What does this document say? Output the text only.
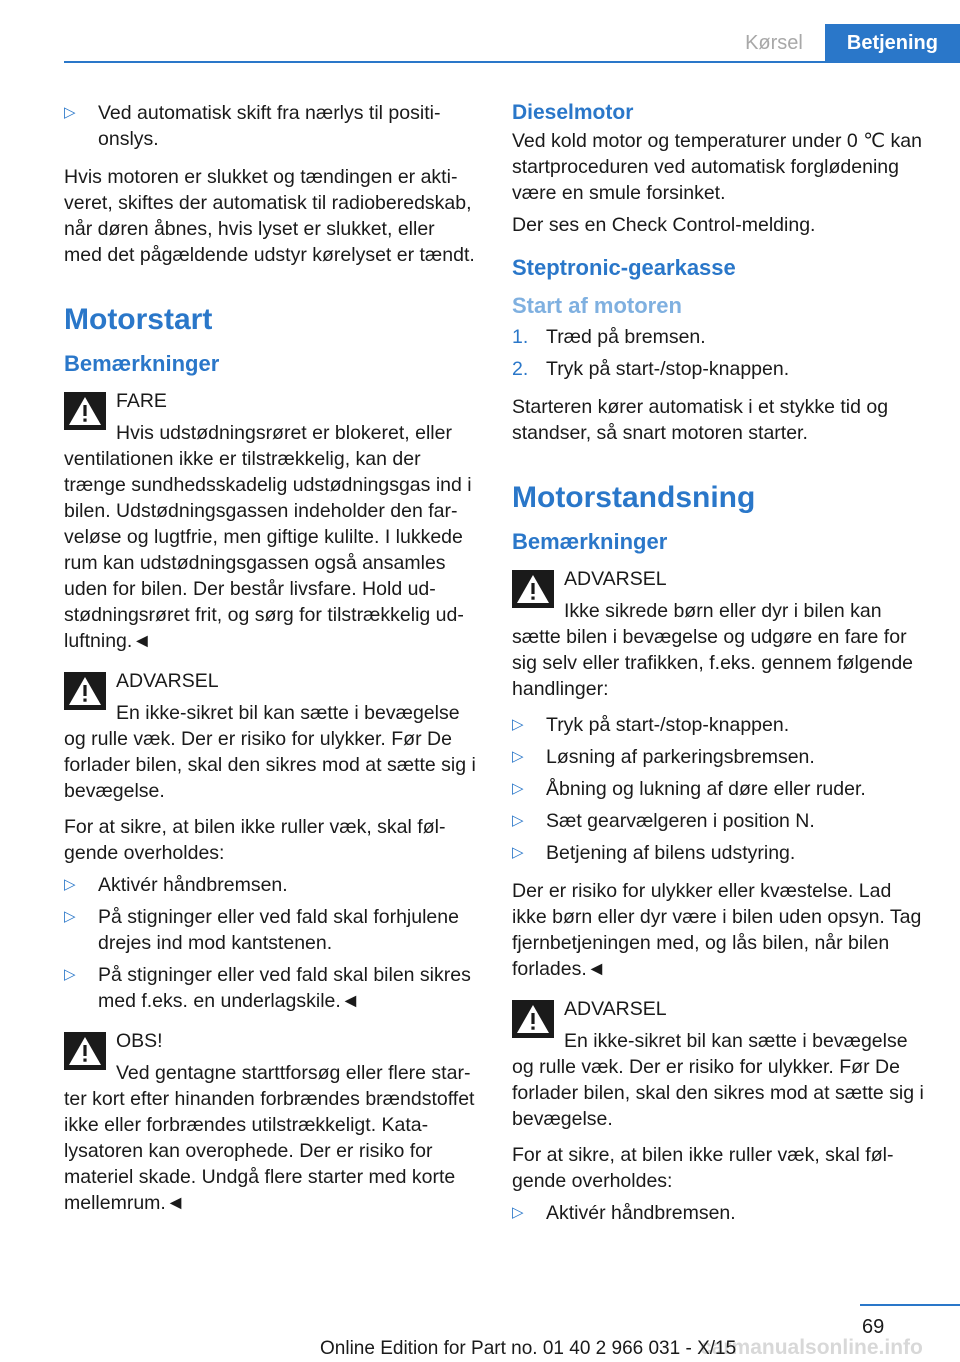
Kørsel	Betjening
▷ Ved automatisk skift fra nærlys til positionslys.

Hvis motoren er slukket og tændingen er aktiveret, skiftes der automatisk til radioberedskab, når døren åbnes, hvis lyset er slukket, eller med det pågældende udstyr kørelyset er tændt.

Motorstart
Bemærkninger
FARE
Hvis udstødningsrøret er blokeret, eller ventilationen ikke er tilstrækkelig, kan der trænge sundhedsskadelig udstødningsgas ind i bilen. Udstødningsgassen indeholder den farveløse og lugtfrie, men giftige kulilte. I lukkede rum kan udstødningsgassen også ansamles uden for bilen. Der består livsfare. Hold udstødningsrøret frit, og sørg for tilstrækkelig udluftning.◄
ADVARSEL
En ikke-sikret bil kan sætte i bevægelse og rulle væk. Der er risiko for ulykker. Før De forlader bilen, skal den sikres mod at sætte sig i bevægelse.

For at sikre, at bilen ikke ruller væk, skal følgende overholdes:

▷ Aktivér håndbremsen.
▷ På stigninger eller ved fald skal forhjulene drejes ind mod kantstenen.
▷ På stigninger eller ved fald skal bilen sikres med f.eks. en underlagskile.◄
OBS!
Ved gentagne starttforsøg eller flere starter kort efter hinanden forbrændes brændstoffet ikke eller forbrændes utilstrækkeligt. Katalysatoren kan overophede. Der er risiko for materiel skade. Undgå flere starter med korte mellemrum.◄
Dieselmotor

Ved kold motor og temperaturer under 0 ℃ kan startproceduren ved automatisk forglødening være en smule forsinket.

Der ses en Check Control-melding.

Steptronic-gearkasse
Start af motoren
1. Træd på bremsen.
2. Tryk på start-/stop-knappen.

Starteren kører automatisk i et stykke tid og standser, så snart motoren starter.

Motorstandsning
Bemærkninger
ADVARSEL
Ikke sikrede børn eller dyr i bilen kan sætte bilen i bevægelse og udgøre en fare for sig selv eller trafikken, f.eks. gennem følgende handlinger:
▷ Tryk på start-/stop-knappen.
▷ Løsning af parkeringsbremsen.
▷ Åbning og lukning af døre eller ruder.
▷ Sæt gearvælgeren i position N.
▷ Betjening af bilens udstyring.

Der er risiko for ulykker eller kvæstelse. Lad ikke børn eller dyr være i bilen uden opsyn. Tag fjernbetjeningen med, og lås bilen, når bilen forlades.◄

ADVARSEL
En ikke-sikret bil kan sætte i bevægelse og rulle væk. Der er risiko for ulykker. Før De forlader bilen, skal den sikres mod at sætte sig i bevægelse.

For at sikre, at bilen ikke ruller væk, skal følgende overholdes:

▷ Aktivér håndbremsen.
69
carmanualsonline.info
Online Edition for Part no. 01 40 2 966 031 - X/15
